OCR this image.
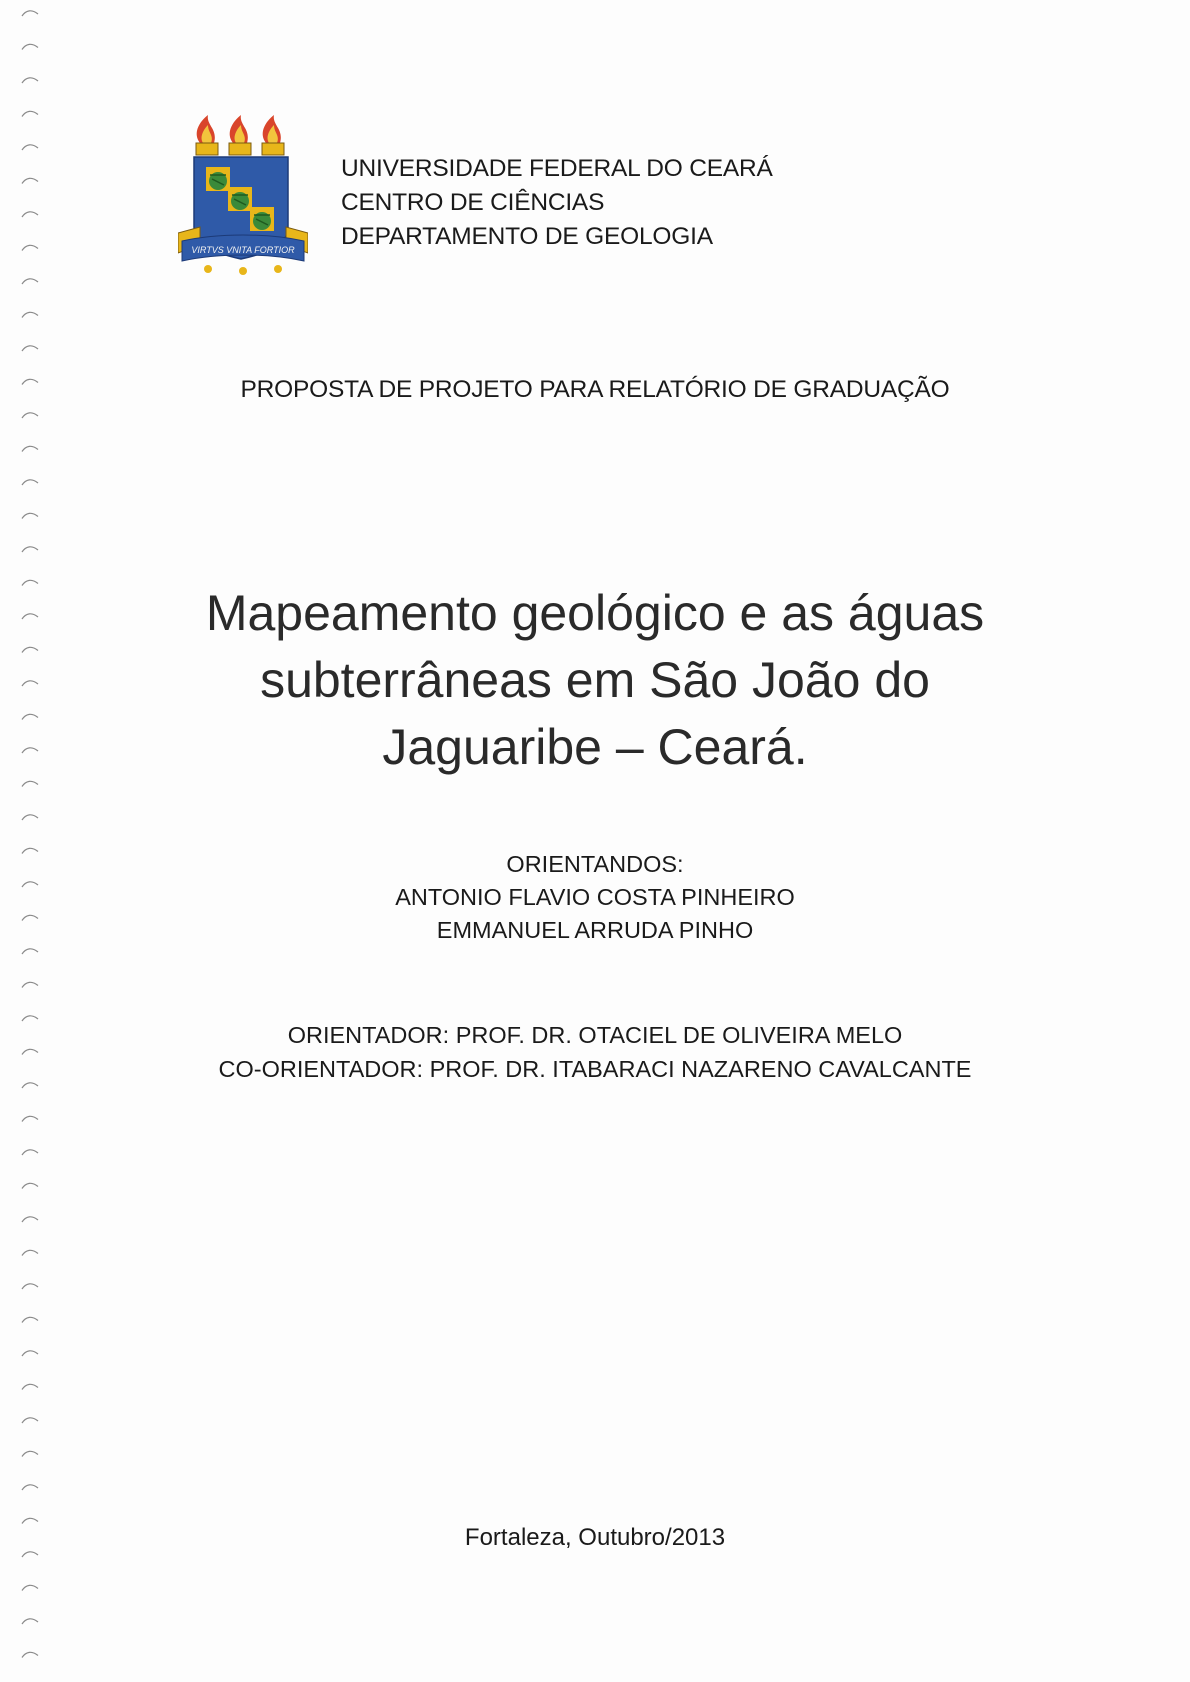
VIRTVS VNITA FORTIOR
UNIVERSIDADE FEDERAL DO CEARÁ
CENTRO DE CIÊNCIAS
DEPARTAMENTO DE GEOLOGIA
PROPOSTA DE PROJETO PARA RELATÓRIO DE GRADUAÇÃO
Mapeamento geológico e as águas
subterrâneas em São João do
Jaguaribe – Ceará.
ORIENTANDOS:
ANTONIO FLAVIO COSTA PINHEIRO
EMMANUEL ARRUDA PINHO
ORIENTADOR: PROF. DR. OTACIEL DE OLIVEIRA MELO
CO-ORIENTADOR: PROF. DR. ITABARACI NAZARENO CAVALCANTE
Fortaleza, Outubro/2013
